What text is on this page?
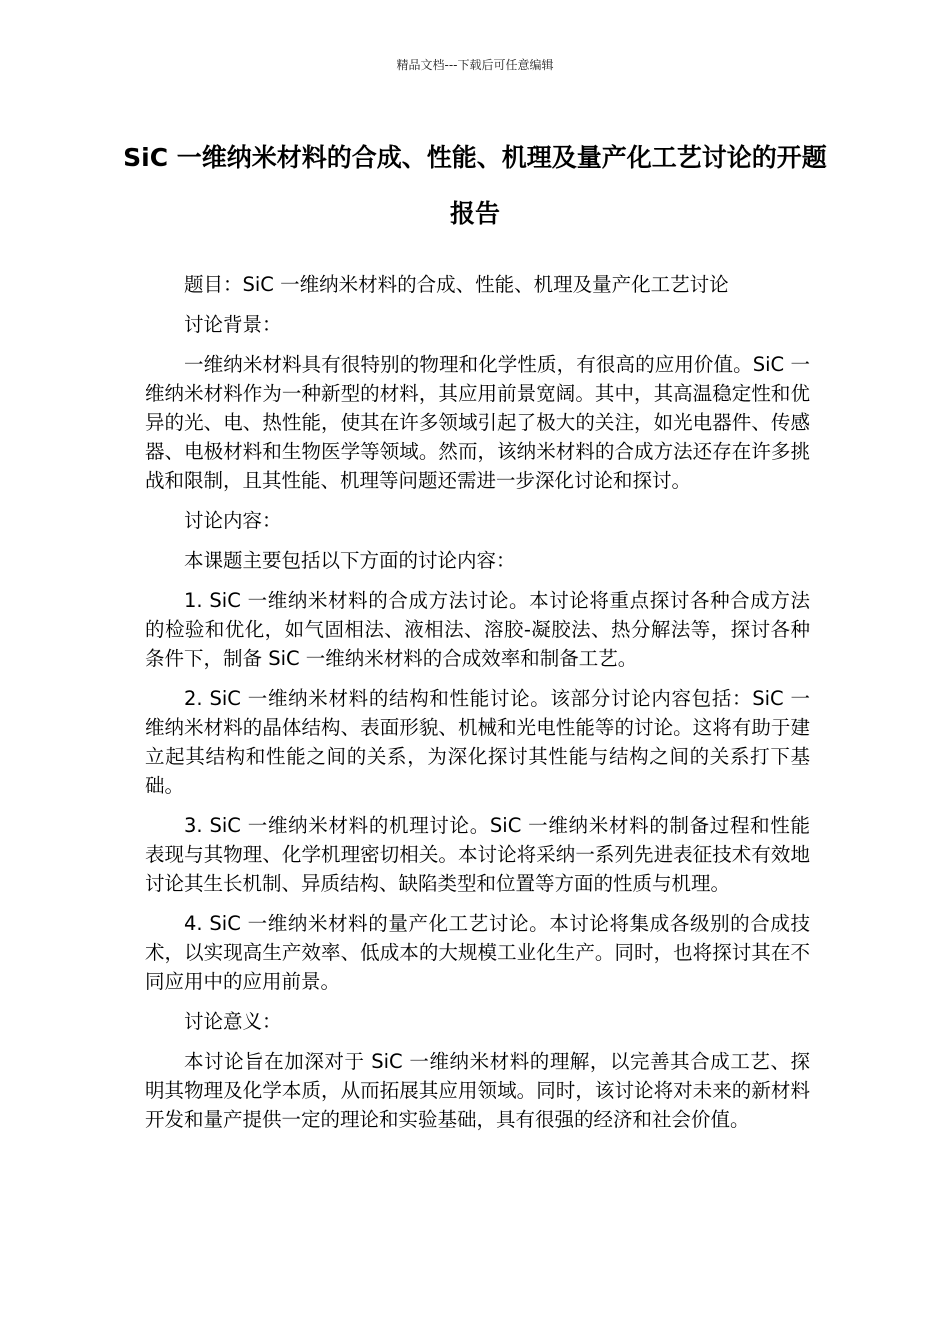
精品文档---下载后可任意编辑
SiC 一维纳米材料的合成、性能、机理及量产化工艺讨论的开题报告

题目：SiC 一维纳米材料的合成、性能、机理及量产化工艺讨论

讨论背景：

一维纳米材料具有很特别的物理和化学性质，有很高的应用价值。SiC 一维纳米材料作为一种新型的材料，其应用前景宽阔。其中，其高温稳定性和优异的光、电、热性能，使其在许多领域引起了极大的关注，如光电器件、传感器、电极材料和生物医学等领域。然而，该纳米材料的合成方法还存在许多挑战和限制，且其性能、机理等问题还需进一步深化讨论和探讨。

讨论内容：

本课题主要包括以下方面的讨论内容：

1. SiC 一维纳米材料的合成方法讨论。本讨论将重点探讨各种合成方法的检验和优化，如气固相法、液相法、溶胶-凝胶法、热分解法等，探讨各种条件下，制备 SiC 一维纳米材料的合成效率和制备工艺。

2. SiC 一维纳米材料的结构和性能讨论。该部分讨论内容包括：SiC 一维纳米材料的晶体结构、表面形貌、机械和光电性能等的讨论。这将有助于建立起其结构和性能之间的关系，为深化探讨其性能与结构之间的关系打下基础。

3. SiC 一维纳米材料的机理讨论。SiC 一维纳米材料的制备过程和性能表现与其物理、化学机理密切相关。本讨论将采纳一系列先进表征技术有效地讨论其生长机制、异质结构、缺陷类型和位置等方面的性质与机理。

4. SiC 一维纳米材料的量产化工艺讨论。本讨论将集成各级别的合成技术，以实现高生产效率、低成本的大规模工业化生产。同时，也将探讨其在不同应用中的应用前景。

讨论意义：

本讨论旨在加深对于 SiC 一维纳米材料的理解，以完善其合成工艺、探明其物理及化学本质，从而拓展其应用领域。同时，该讨论将对未来的新材料开发和量产提供一定的理论和实验基础，具有很强的经济和社会价值。
